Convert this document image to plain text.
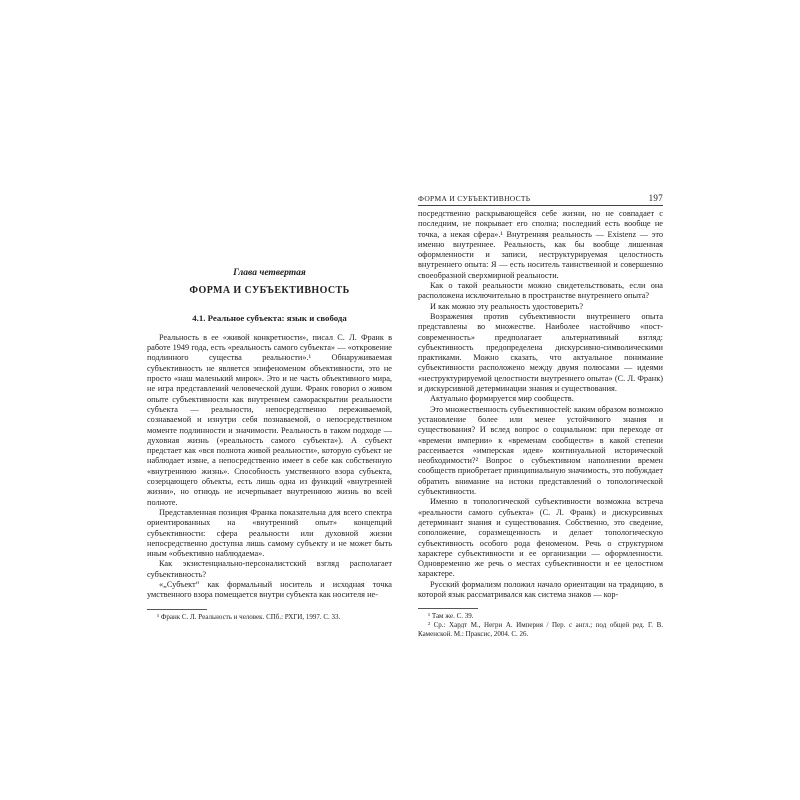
Глава четвертая
ФОРМА И СУБЪЕКТИВНОСТЬ
4.1. Реальное субъекта: язык и свобода

Реальность в ее «живой конкретности», писал С. Л. Франк в работе 1949 года, есть «реальность самого субъекта» — «откровение подлинного существа реальности».¹ Обнаруживаемая субъективность не является эпифеноменом объективности, это не просто «наш маленький мирок». Это и не часть объективного мира, не игра представлений человеческой души. Франк говорил о живом опыте субъективности как внутреннем самораскрытии реальности субъекта — реальности, непосредственно переживаемой, сознаваемой и изнутри себя познаваемой, о непосредственном моменте подлинности и значимости. Реальность в таком подходе — духовная жизнь («реальность самого субъекта»). А субъект предстает как «вся полнота живой реальности», которую субъект не наблюдает извне, а непосредственно имеет в себе как собственную «внутреннюю жизнь». Способность умственного взора субъекта, созерцающего объекты, есть лишь одна из функций «внутренней жизни», но отнюдь не исчерпывает внутреннюю жизнь во всей полноте.

Представленная позиция Франка показательна для всего спектра ориентированных на «внутренний опыт» концепций субъективности: сфера реальности или духовной жизни непосредственно доступна лишь самому субъекту и не может быть иным «объективно наблюдаема».

Как экзистенциально-персоналистский взгляд располагает субъективность?

«„Субъект“ как формальный носитель и исходная точка умственного взора помещается внутри субъекта как носителя не-

¹ Франк С. Л. Реальность и человек. СПб.: РХГИ, 1997. С. 33.

ФОРМА И СУБЪЕКТИВНОСТЬ	197

посредственно раскрывающейся себе жизни, но не совпадает с последним, не покрывает его сполна; последний есть вообще не точка, а некая сфера».¹ Внутренняя реальность — Existenz — это именно внутреннее. Реальность, как бы вообще лишенная оформленности и записи, неструктурируемая целостность внутреннего опыта: Я — есть носитель таинственной и совершенно своеобразной сверхмирной реальности.

Как о такой реальности можно свидетельствовать, если она расположена исключительно в пространстве внутреннего опыта?

И как можно эту реальность удостоверить?

Возражения против субъективности внутреннего опыта представлены во множестве. Наиболее настойчиво «пост-современность» предполагает альтернативный взгляд: субъективность предопределена дискурсивно-символическими практиками. Можно сказать, что актуальное понимание субъективности расположено между двумя полюсами — идеями «неструктурируемой целостности внутреннего опыта» (С. Л. Франк) и дискурсивной детерминации знания и существования.

Актуально формируется мир сообществ.

Это множественность субъективностей: каким образом возможно установление более или менее устойчивого знания и существования? И вслед вопрос о социальном: при переходе от «времени империи» к «временам сообществ» в какой степени рассеивается «имперская идея» континуальной исторической необходимости?² Вопрос о субъективном наполнении времен сообществ приобретает принципиальную значимость, это побуждает обратить внимание на истоки представлений о топологической субъективности.

Именно в топологической субъективности возможна встреча «реальности самого субъекта» (С. Л. Франк) и дискурсивных детерминант знания и существования. Собственно, это сведение, соположение, соразмещенность и делает топологическую субъективность особого рода феноменом. Речь о структурном характере субъективности и ее организации — оформленности. Одновременно же речь о местах субъективности и ее целостном характере.

Русский формализм положил начало ориентации на традицию, в которой язык рассматривался как система знаков — кор-

¹ Там же. С. 39.

² Ср.: Хардт М., Негри А. Империя / Пер. с англ.; под общей ред. Г. В. Каменской. М.: Праксис, 2004. С. 26.
